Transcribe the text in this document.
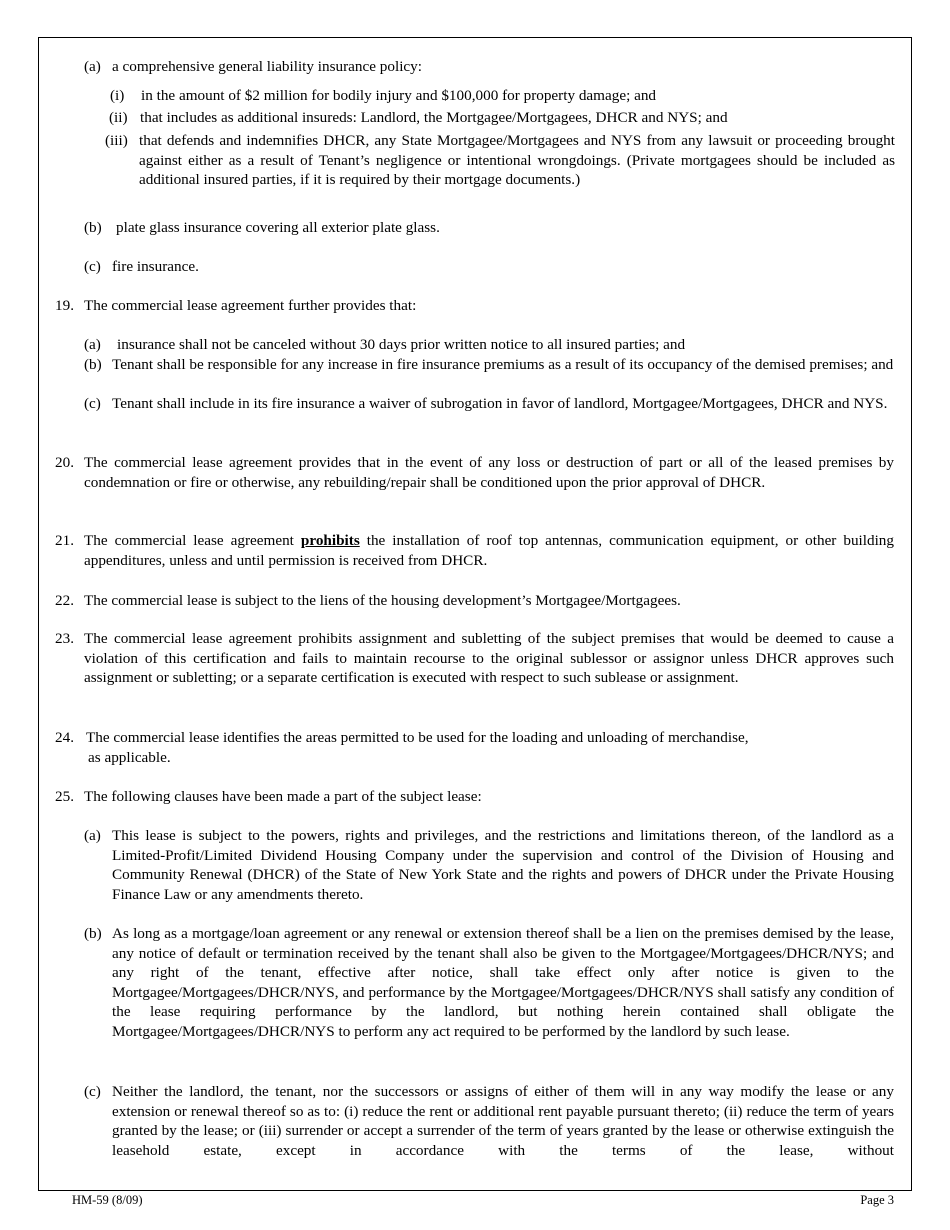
(a) a comprehensive general liability insurance policy:
(i) in the amount of $2 million for bodily injury and $100,000 for property damage; and
(ii) that includes as additional insureds: Landlord, the Mortgagee/Mortgagees, DHCR and NYS; and
(iii) that defends and indemnifies DHCR, any State Mortgagee/Mortgagees and NYS from any lawsuit or proceeding brought against either as a result of Tenant’s negligence or intentional wrongdoings. (Private mortgagees should be included as additional insured parties, if it is required by their mortgage documents.)
(b) plate glass insurance covering all exterior plate glass.
(c) fire insurance.
19. The commercial lease agreement further provides that:
(a) insurance shall not be canceled without 30 days prior written notice to all insured parties; and
(b) Tenant shall be responsible for any increase in fire insurance premiums as a result of its occupancy of the demised premises; and
(c) Tenant shall include in its fire insurance a waiver of subrogation in favor of landlord, Mortgagee/Mortgagees, DHCR and NYS.
20. The commercial lease agreement provides that in the event of any loss or destruction of part or all of the leased premises by condemnation or fire or otherwise, any rebuilding/repair shall be conditioned upon the prior approval of DHCR.
21. The commercial lease agreement prohibits the installation of roof top antennas, communication equipment, or other building appenditures, unless and until permission is received from DHCR.
22. The commercial lease is subject to the liens of the housing development’s Mortgagee/Mortgagees.
23. The commercial lease agreement prohibits assignment and subletting of the subject premises that would be deemed to cause a violation of this certification and fails to maintain recourse to the original sublessor or assignor unless DHCR approves such assignment or subletting; or a separate certification is executed with respect to such sublease or assignment.
24. The commercial lease identifies the areas permitted to be used for the loading and unloading of merchandise,
as applicable.
25. The following clauses have been made a part of the subject lease:
(a) This lease is subject to the powers, rights and privileges, and the restrictions and limitations thereon, of the landlord as a Limited-Profit/Limited Dividend Housing Company under the supervision and control of the Division of Housing and Community Renewal (DHCR) of the State of New York State and the rights and powers of DHCR under the Private Housing Finance Law or any amendments thereto.
(b) As long as a mortgage/loan agreement or any renewal or extension thereof shall be a lien on the premises demised by the lease, any notice of default or termination received by the tenant shall also be given to the Mortgagee/Mortgagees/DHCR/NYS; and any right of the tenant, effective after notice, shall take effect only after notice is given to the Mortgagee/Mortgagees/DHCR/NYS, and performance by the Mortgagee/Mortgagees/DHCR/NYS shall satisfy any condition of the lease requiring performance by the landlord, but nothing herein contained shall obligate the Mortgagee/Mortgagees/DHCR/NYS to perform any act required to be performed by the landlord by such lease.
(c) Neither the landlord, the tenant, nor the successors or assigns of either of them will in any way modify the lease or any extension or renewal thereof so as to: (i) reduce the rent or additional rent payable pursuant thereto; (ii) reduce the term of years granted by the lease; or (iii) surrender or accept a surrender of the term of years granted by the lease or otherwise extinguish the leasehold estate, except in accordance with the terms of the lease, without
HM-59 (8/09)	Page 3
